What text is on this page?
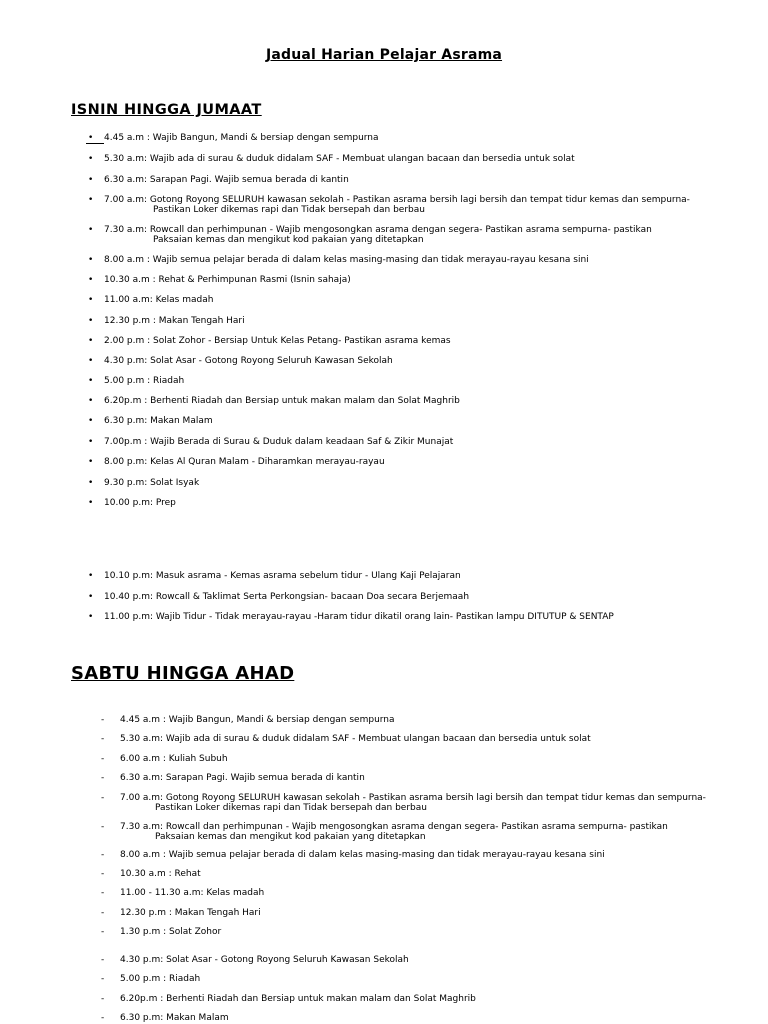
Jadual Harian Pelajar Asrama
ISNIN HINGGA JUMAAT
• 4.45 a.m : Wajib Bangun, Mandi & bersiap dengan sempurna
• 5.30 a.m: Wajib ada di surau & duduk didalam SAF - Membuat ulangan bacaan dan bersedia untuk solat
• 6.30 a.m: Sarapan Pagi. Wajib semua berada di kantin
• 7.00 a.m: Gotong Royong SELURUH kawasan sekolah - Pastikan asrama bersih lagi bersih dan tempat tidur kemas dan sempurna-
Pastikan Loker dikemas rapi dan Tidak bersepah dan berbau
• 7.30 a.m: Rowcall dan perhimpunan - Wajib mengosongkan asrama dengan segera- Pastikan asrama sempurna- pastikan
Paksaian kemas dan mengikut kod pakaian yang ditetapkan
• 8.00 a.m : Wajib semua pelajar berada di dalam kelas masing-masing dan tidak merayau-rayau kesana sini
• 10.30 a.m : Rehat & Perhimpunan Rasmi (Isnin sahaja)
• 11.00 a.m: Kelas madah
• 12.30 p.m : Makan Tengah Hari
• 2.00 p.m : Solat Zohor - Bersiap Untuk Kelas Petang- Pastikan asrama kemas
• 4.30 p.m: Solat Asar - Gotong Royong Seluruh Kawasan Sekolah
• 5.00 p.m : Riadah
• 6.20p.m : Berhenti Riadah dan Bersiap untuk makan malam dan Solat Maghrib
• 6.30 p.m: Makan Malam
• 7.00p.m : Wajib Berada di Surau & Duduk dalam keadaan Saf & Zikir Munajat
• 8.00 p.m: Kelas Al Quran Malam - Diharamkan merayau-rayau
• 9.30 p.m: Solat Isyak
• 10.00 p.m: Prep
• 10.10 p.m: Masuk asrama - Kemas asrama sebelum tidur - Ulang Kaji Pelajaran
• 10.40 p.m: Rowcall & Taklimat Serta Perkongsian- bacaan Doa secara Berjemaah
• 11.00 p.m: Wajib Tidur - Tidak merayau-rayau -Haram tidur dikatil orang lain- Pastikan lampu DITUTUP & SENTAP
SABTU HINGGA AHAD
- 4.45 a.m : Wajib Bangun, Mandi & bersiap dengan sempurna
- 5.30 a.m: Wajib ada di surau & duduk didalam SAF - Membuat ulangan bacaan dan bersedia untuk solat
- 6.00 a.m : Kuliah Subuh
- 6.30 a.m: Sarapan Pagi. Wajib semua berada di kantin
- 7.00 a.m: Gotong Royong SELURUH kawasan sekolah - Pastikan asrama bersih lagi bersih dan tempat tidur kemas dan sempurna-
Pastikan Loker dikemas rapi dan Tidak bersepah dan berbau
- 7.30 a.m: Rowcall dan perhimpunan - Wajib mengosongkan asrama dengan segera- Pastikan asrama sempurna- pastikan
Paksaian kemas dan mengikut kod pakaian yang ditetapkan
- 8.00 a.m : Wajib semua pelajar berada di dalam kelas masing-masing dan tidak merayau-rayau kesana sini
- 10.30 a.m : Rehat
- 11.00 - 11.30 a.m: Kelas madah
- 12.30 p.m : Makan Tengah Hari
- 1.30 p.m : Solat Zohor
- 4.30 p.m: Solat Asar - Gotong Royong Seluruh Kawasan Sekolah
- 5.00 p.m : Riadah
- 6.20p.m : Berhenti Riadah dan Bersiap untuk makan malam dan Solat Maghrib
- 6.30 p.m: Makan Malam
